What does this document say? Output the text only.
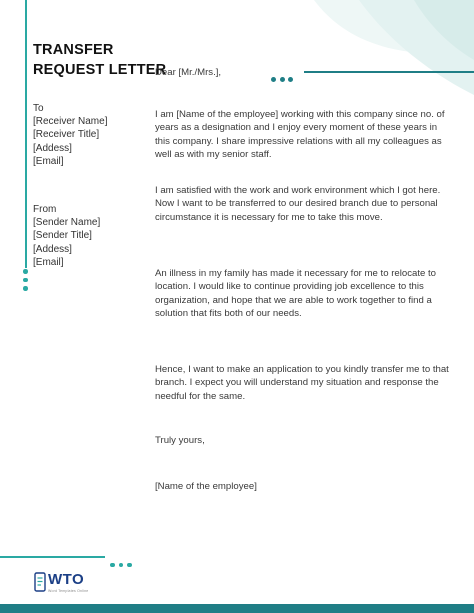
TRANSFER
REQUEST LETTER
To
[Receiver Name]
[Receiver Title]
[Addess]
[Email]
From
[Sender Name]
[Sender Title]
[Addess]
[Email]
Dear [Mr./Mrs.],

I am [Name of the employee] working with this company since no. of years as a designation and I enjoy every moment of these years in this company. I share impressive relations with all my colleagues as well as with my senior staff.

I am satisfied with the work and work environment which I got here. Now I want to be transferred to our desired branch due to personal circumstance it is necessary for me to take this move.

An illness in my family has made it necessary for me to relocate to location. I would like to continue providing job excellence to this organization, and hope that we are able to work together to find a solution that fits both of our needs.

Hence, I want to make an application to you kindly transfer me to that branch. I expect you will understand my situation and response the needful for the same.

Truly yours,
[Name of the employee]
WTO
Word Templates Online
